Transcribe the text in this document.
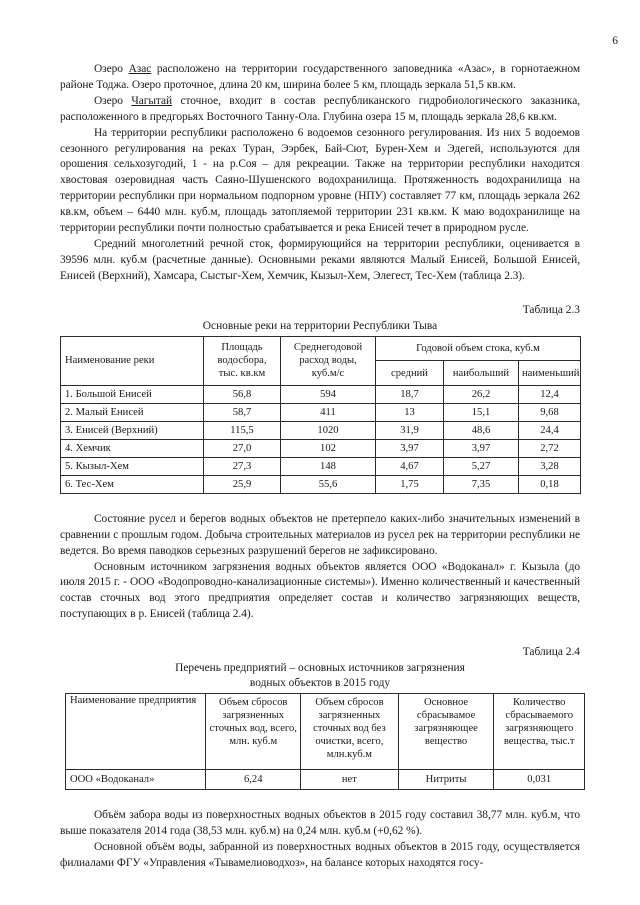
6

Озеро Азас расположено на территории государственного заповедника «Азас», в горнотаежном районе Тоджа. Озеро проточное, длина 20 км, ширина более 5 км, площадь зеркала 51,5 кв.км.

Озеро Чагытай сточное, входит в состав республиканского гидробиологического заказника, расположенного в предгорьях Восточного Танну-Ола. Глубина озера 15 м, площадь зеркала 28,6 кв.км.

На территории республики расположено 6 водоемов сезонного регулирования. Из них 5 водоемов сезонного регулирования на реках Туран, Ээрбек, Бай-Сют, Бурен-Хем и Эдегей, используются для орошения сельхозугодий, 1 - на р.Соя – для рекреации. Также на территории республики находится хвостовая озеровидная часть Саяно-Шушенского водохранилища. Протяженность водохранилища на территории республики при нормальном подпорном уровне (НПУ) составляет 77 км, площадь зеркала 262 кв.км, объем – 6440 млн. куб.м, площадь затопляемой территории 231 кв.км. К маю водохранилище на территории республики почти полностью срабатывается и река Енисей течет в природном русле.

Средний многолетний речной сток, формирующийся на территории республики, оценивается в 39596 млн. куб.м (расчетные данные). Основными реками являются Малый Енисей, Большой Енисей, Енисей (Верхний), Хамсара, Сыстыг-Хем, Хемчик, Кызыл-Хем, Элегест, Тес-Хем (таблица 2.3).

Таблица 2.3

Основные реки на территории Республики Тыва

Наименование реки	Площадь водосбора, тыс. кв.км	Среднегодовой расход воды, куб.м/с	Годовой объем стока, куб.м		
			средний	наибольший	наименьший
1. Большой Енисей	56,8	594	18,7	26,2	12,4
2. Малый Енисей	58,7	411	13	15,1	9,68
3. Енисей (Верхний)	115,5	1020	31,9	48,6	24,4
4. Хемчик	27,0	102	3,97	3,97	2,72
5. Кызыл-Хем	27,3	148	4,67	5,27	3,28
6. Тес-Хем	25,9	55,6	1,75	7,35	0,18

Состояние русел и берегов водных объектов не претерпело каких-либо значительных изменений в сравнении с прошлым годом. Добыча строительных материалов из русел рек на территории республики не ведется. Во время паводков серьезных разрушений берегов не зафиксировано.

Основным источником загрязнения водных объектов является ООО «Водоканал» г. Кызыла (до июля 2015 г. - ООО «Водопроводно-канализационные системы»). Именно количественный и качественный состав сточных вод этого предприятия определяет состав и количество загрязняющих веществ, поступающих в р. Енисей (таблица 2.4).

Таблица 2.4

Перечень предприятий – основных источников загрязнения

водных объектов в 2015 году

Наименование предприятия	Объем сбросов загрязненных сточных вод, всего, млн. куб.м	Объем сбросов загрязненных сточных вод без очистки, всего, млн.куб.м	Основное сбрасывамое загрязняющее вещество	Количество сбрасываемого загрязняющего вещества, тыс.т
ООО «Водоканал»	6,24	нет	Нитриты	0,031

Объём забора воды из поверхностных водных объектов в 2015 году составил 38,77 млн. куб.м, что выше показателя 2014 года (38,53 млн. куб.м) на 0,24 млн. куб.м (+0,62 %).

Основной объём воды, забранной из поверхностных водных объектов в 2015 году, осуществляется филиалами ФГУ «Управления «Тывамелиоводхоз», на балансе которых находятся госу-
